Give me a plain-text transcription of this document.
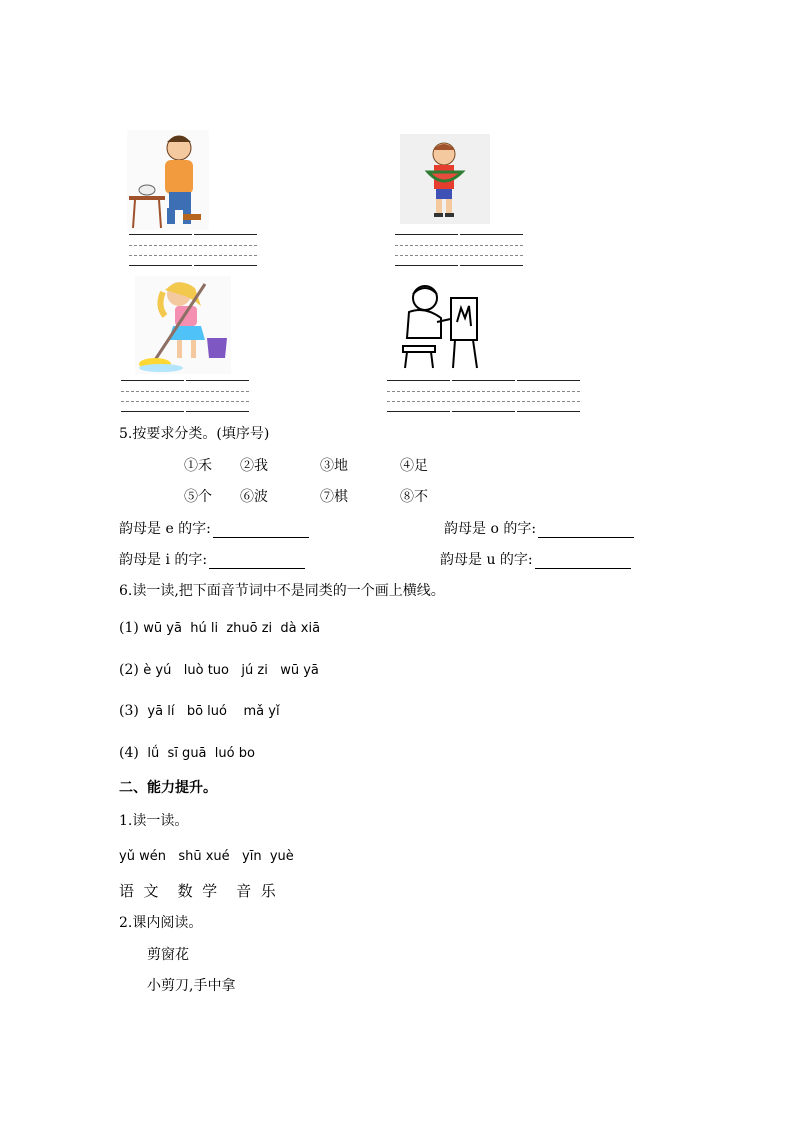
5.按要求分类。(填序号)
①禾 ②我	③地	④足
⑤个 ⑥波	⑦棋	⑧不
韵母是 e 的字:	韵母是 o 的字:
韵母是 i 的字:	韵母是 u 的字:
6.读一读,把下面音节词中不是同类的一个画上横线。
(1) wū yā  hú li  zhuō zi  dà xiā
(2) è yú   luò tuo   jú zi   wū yā
(3)  yā lí   bō luó    mǎ yǐ
(4)  lǘ  sī guā  luó bo
二、能力提升。
1.读一读。
yǔ wén   shū xué   yīn  yuè
语  文    数  学    音  乐
2.课内阅读。
剪窗花
小剪刀,手中拿
